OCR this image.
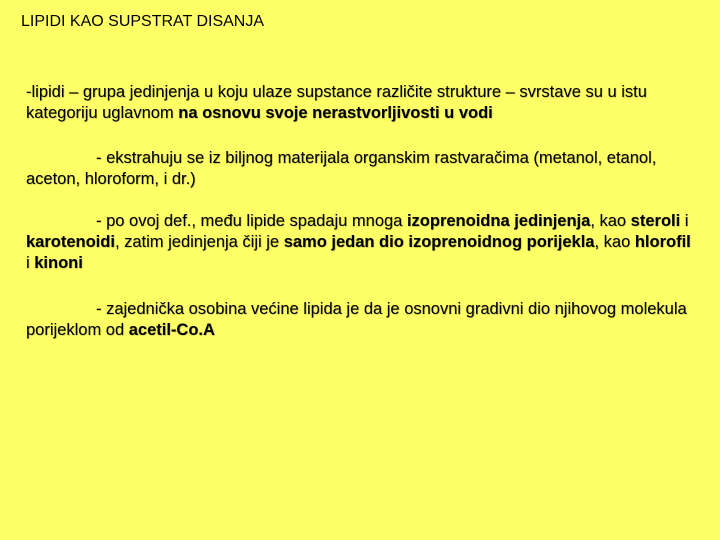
LIPIDI KAO SUPSTRAT DISANJA

-lipidi – grupa jedinjenja u koju ulaze supstance različite strukture – svrstave su u istu kategoriju uglavnom na osnovu svoje nerastvorljivosti u vodi

- ekstrahuju se iz biljnog materijala organskim rastvaračima (metanol, etanol, aceton, hloroform, i dr.)

- po ovoj def., među lipide spadaju mnoga izoprenoidna jedinjenja, kao steroli i karotenoidi, zatim jedinjenja čiji je samo jedan dio izoprenoidnog porijekla, kao hlorofil i kinoni

- zajednička osobina većine lipida je da je osnovni gradivni dio njihovog molekula porijeklom od acetil-Co.A
